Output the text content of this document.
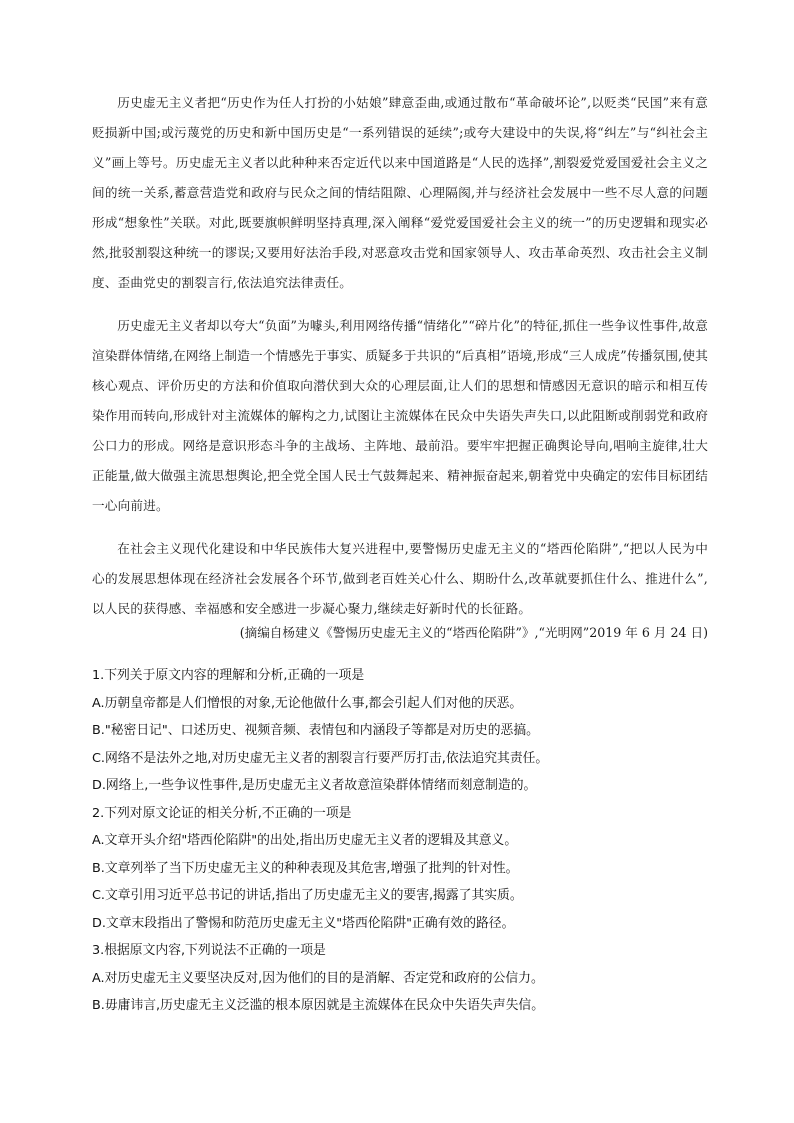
历史虚无主义者把“历史作为任人打扮的小姑娘”肆意歪曲,或通过散布“革命破坏论”,以贬类“民国”来有意贬损新中国;或污蔑党的历史和新中国历史是“一系列错误的延续”;或夸大建设中的失误,将“纠左”与“纠社会主义”画上等号。历史虚无主义者以此种种来否定近代以来中国道路是“人民的选择”,割裂爱党爱国爱社会主义之间的统一关系,蓄意营造党和政府与民众之间的情结阻隙、心理隔阂,并与经济社会发展中一些不尽人意的问题形成“想象性”关联。对此,既要旗帜鲜明坚持真理,深入阐释“爱党爱国爱社会主义的统一”的历史逻辑和现实必然,批驳割裂这种统一的谬误;又要用好法治手段,对恶意攻击党和国家领导人、攻击革命英烈、攻击社会主义制度、歪曲党史的割裂言行,依法追究法律责任。

历史虚无主义者却以夸大“负面”为噱头,利用网络传播“情绪化”“碎片化”的特征,抓住一些争议性事件,故意渲染群体情绪,在网络上制造一个情感先于事实、质疑多于共识的“后真相”语境,形成“三人成虎”传播氛围,使其核心观点、评价历史的方法和价值取向潜伏到大众的心理层面,让人们的思想和情感因无意识的暗示和相互传染作用而转向,形成针对主流媒体的解构之力,试图让主流媒体在民众中失语失声失口,以此阻断或削弱党和政府公口力的形成。网络是意识形态斗争的主战场、主阵地、最前沿。要牢牢把握正确舆论导向,唱响主旋律,壮大正能量,做大做强主流思想舆论,把全党全国人民士气鼓舞起来、精神振奋起来,朝着党中央确定的宏伟目标团结一心向前进。

在社会主义现代化建设和中华民族伟大复兴进程中,要警惕历史虚无主义的“塔西伦陷阱”,“把以人民为中心的发展思想体现在经济社会发展各个环节,做到老百姓关心什么、期盼什么,改革就要抓住什么、推进什么”,以人民的获得感、幸福感和安全感进一步凝心聚力,继续走好新时代的长征路。

(摘编自杨建义《警惕历史虚无主义的“塔西伦陷阱”》,“光明网”2019 年 6 月 24 日)

1.下列关于原文内容的理解和分析,正确的一项是

A.历朝皇帝都是人们憎恨的对象,无论他做什么事,都会引起人们对他的厌恶。

B."秘密日记"、口述历史、视频音频、表情包和内涵段子等都是对历史的恶搞。

C.网络不是法外之地,对历史虚无主义者的割裂言行要严厉打击,依法追究其责任。

D.网络上,一些争议性事件,是历史虚无主义者故意渲染群体情绪而刻意制造的。

2.下列对原文论证的相关分析,不正确的一项是

A.文章开头介绍"塔西伦陷阱"的出处,指出历史虚无主义者的逻辑及其意义。

B.文章列举了当下历史虚无主义的种种表现及其危害,增强了批判的针对性。

C.文章引用习近平总书记的讲话,指出了历史虚无主义的要害,揭露了其实质。

D.文章末段指出了警惕和防范历史虚无主义"塔西伦陷阱"正确有效的路径。

3.根据原文内容,下列说法不正确的一项是

A.对历史虚无主义要坚决反对,因为他们的目的是消解、否定党和政府的公信力。

B.毋庸讳言,历史虚无主义泛滥的根本原因就是主流媒体在民众中失语失声失信。
